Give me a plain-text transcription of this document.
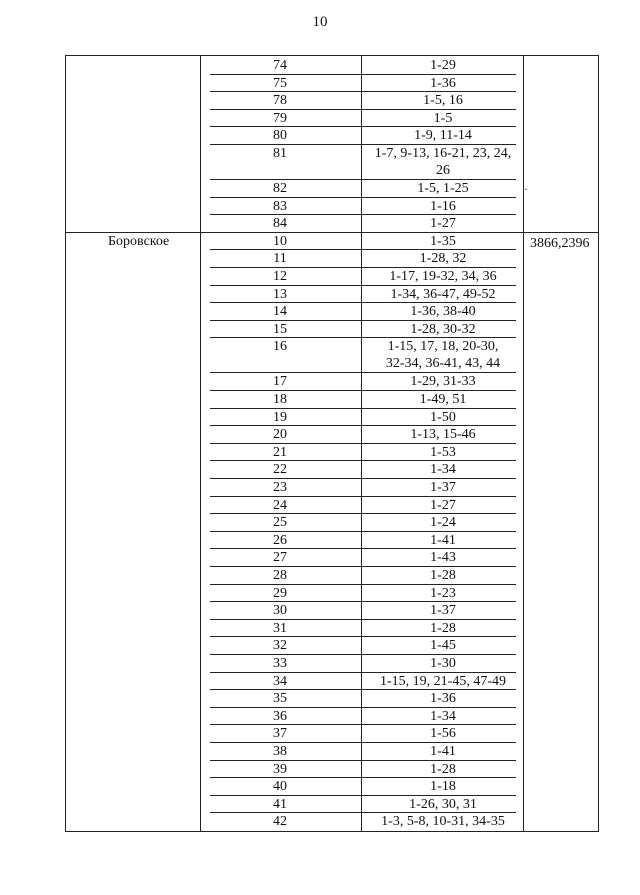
10
74	1-29
75	1-36
78	1-5, 16
79	1-5
80	1-9, 11-14
81	1-7, 9-13, 16-21, 23, 24,
26
82	1-5, 1-25
83	1-16
84	1-27
Боровское	3866,2396
10	1-35
11	1-28, 32
12	1-17, 19-32, 34, 36
13	1-34, 36-47, 49-52
14	1-36, 38-40
15	1-28, 30-32
16	1-15, 17, 18, 20-30,
32-34, 36-41, 43, 44
17	1-29, 31-33
18	1-49, 51
19	1-50
20	1-13, 15-46
21	1-53
22	1-34
23	1-37
24	1-27
25	1-24
26	1-41
27	1-43
28	1-28
29	1-23
30	1-37
31	1-28
32	1-45
33	1-30
34	1-15, 19, 21-45, 47-49
35	1-36
36	1-34
37	1-56
38	1-41
39	1-28
40	1-18
41	1-26, 30, 31
42	1-3, 5-8, 10-31, 34-35
·
